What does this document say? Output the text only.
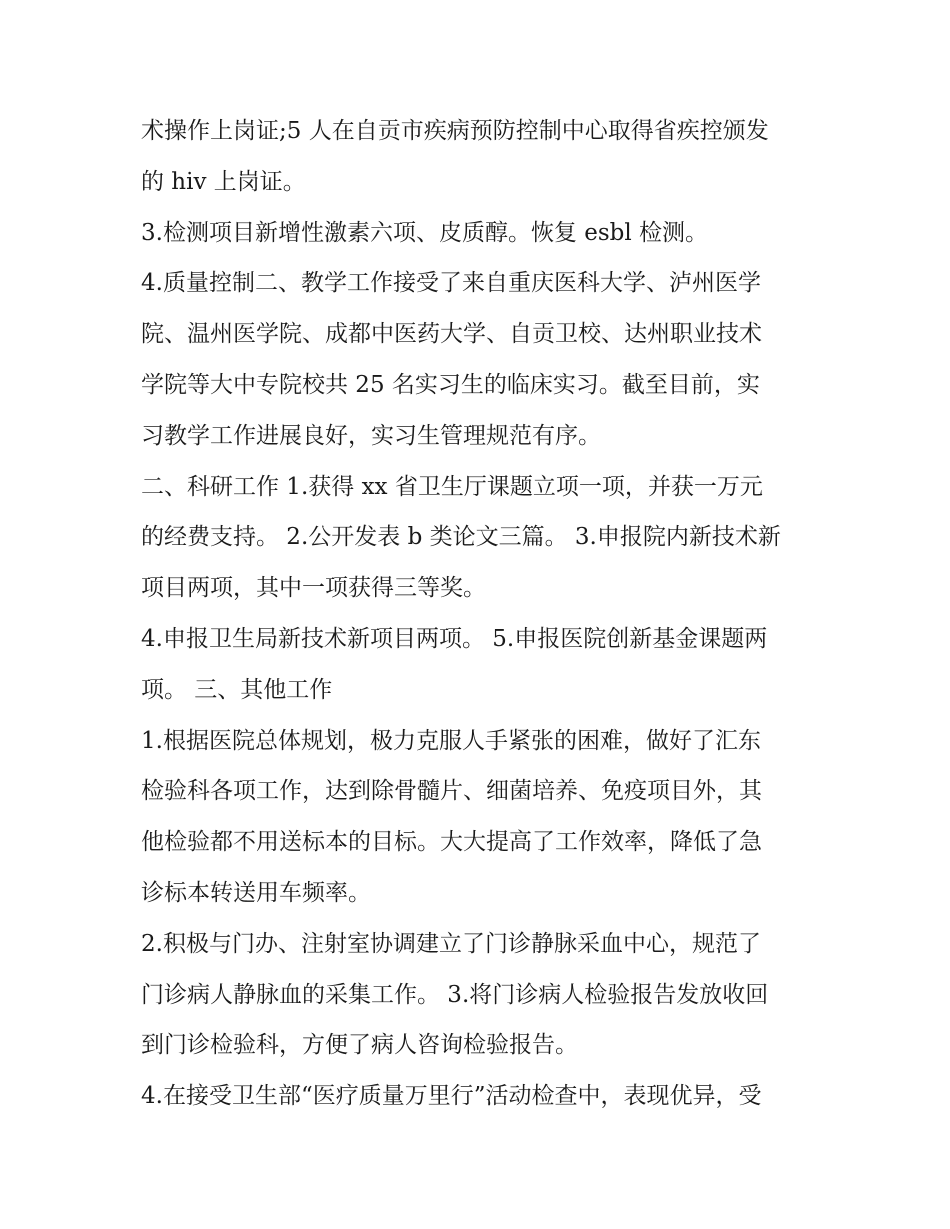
术操作上岗证;5 人在自贡市疾病预防控制中心取得省疾控颁发
的 hiv 上岗证。
3.检测项目新增性激素六项、皮质醇。恢复 esbl 检测。
4.质量控制二、教学工作接受了来自重庆医科大学、泸州医学
院、温州医学院、成都中医药大学、自贡卫校、达州职业技术
学院等大中专院校共 25 名实习生的临床实习。截至目前，实
习教学工作进展良好，实习生管理规范有序。
二、科研工作 1.获得 xx 省卫生厅课题立项一项，并获一万元
的经费支持。 2.公开发表 b 类论文三篇。 3.申报院内新技术新
项目两项，其中一项获得三等奖。
4.申报卫生局新技术新项目两项。 5.申报医院创新基金课题两
项。 三、其他工作
1.根据医院总体规划，极力克服人手紧张的困难，做好了汇东
检验科各项工作，达到除骨髓片、细菌培养、免疫项目外，其
他检验都不用送标本的目标。大大提高了工作效率，降低了急
诊标本转送用车频率。
2.积极与门办、注射室协调建立了门诊静脉采血中心，规范了
门诊病人静脉血的采集工作。 3.将门诊病人检验报告发放收回
到门诊检验科，方便了病人咨询检验报告。
4.在接受卫生部“医疗质量万里行”活动检查中，表现优异，受
